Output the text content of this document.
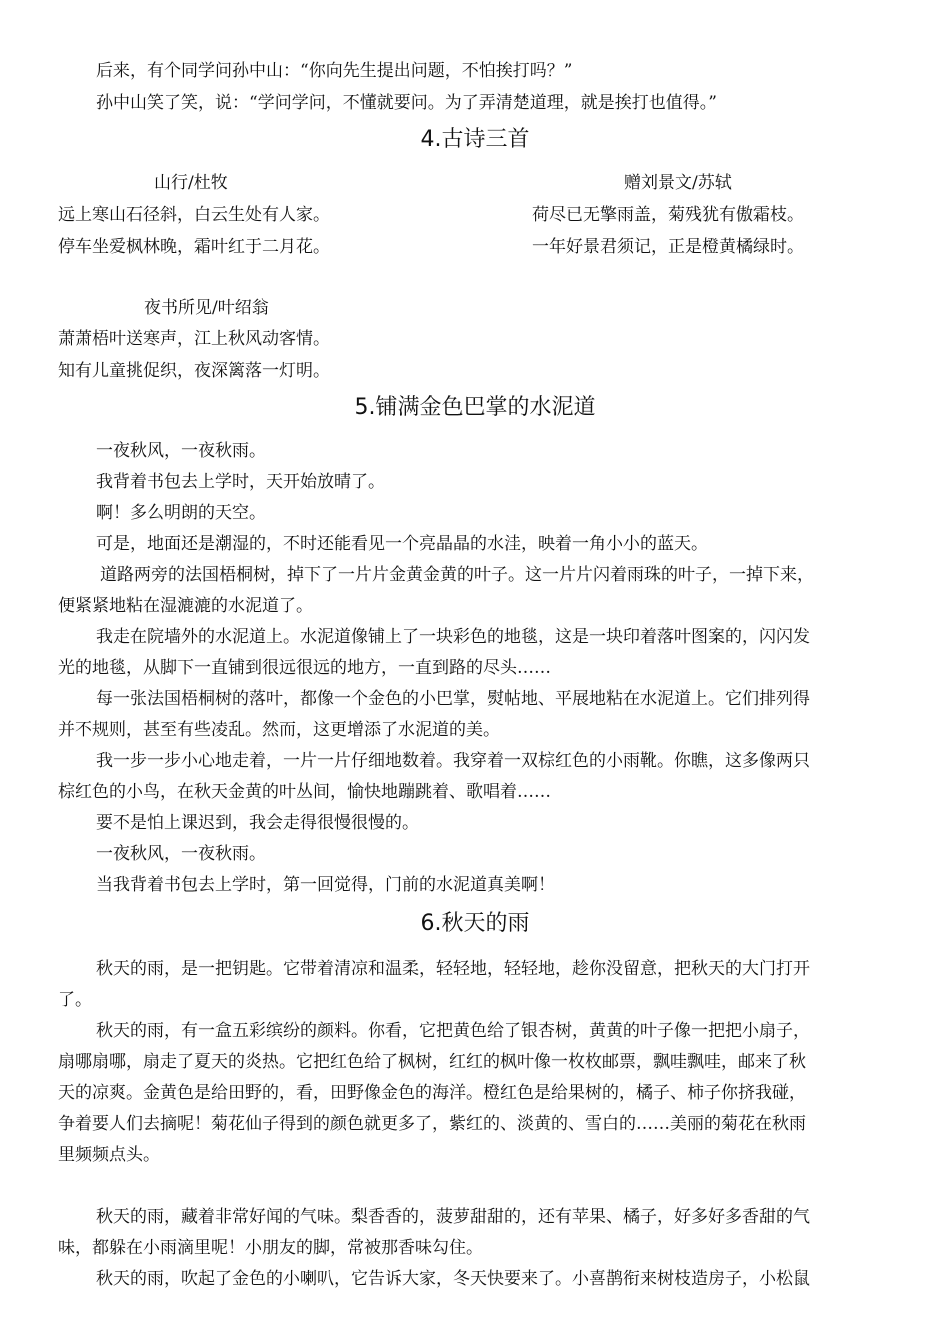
后来，有个同学问孙中山：“你向先生提出问题，不怕挨打吗？”
孙中山笑了笑，说：“学问学问，不懂就要问。为了弄清楚道理，就是挨打也值得。”
4.古诗三首
山行/杜牧
远上寒山石径斜，白云生处有人家。
停车坐爱枫林晚，霜叶红于二月花。
赠刘景文/苏轼
荷尽已无擎雨盖，菊残犹有傲霜枝。
一年好景君须记，正是橙黄橘绿时。
夜书所见/叶绍翁
萧萧梧叶送寒声，江上秋风动客情。
知有儿童挑促织，夜深篱落一灯明。
5.铺满金色巴掌的水泥道
一夜秋风，一夜秋雨。
我背着书包去上学时，天开始放晴了。
啊！多么明朗的天空。
可是，地面还是潮湿的，不时还能看见一个亮晶晶的水洼，映着一角小小的蓝天。
道路两旁的法国梧桐树，掉下了一片片金黄金黄的叶子。这一片片闪着雨珠的叶子，一掉下来，
便紧紧地粘在湿漉漉的水泥道了。
我走在院墙外的水泥道上。水泥道像铺上了一块彩色的地毯，这是一块印着落叶图案的，闪闪发
光的地毯，从脚下一直铺到很远很远的地方，一直到路的尽头……
每一张法国梧桐树的落叶，都像一个金色的小巴掌，熨帖地、平展地粘在水泥道上。它们排列得
并不规则，甚至有些凌乱。然而，这更增添了水泥道的美。
我一步一步小心地走着，一片一片仔细地数着。我穿着一双棕红色的小雨靴。你瞧，这多像两只
棕红色的小鸟，在秋天金黄的叶丛间，愉快地蹦跳着、歌唱着……
要不是怕上课迟到，我会走得很慢很慢的。
一夜秋风，一夜秋雨。
当我背着书包去上学时，第一回觉得，门前的水泥道真美啊！
6.秋天的雨
秋天的雨，是一把钥匙。它带着清凉和温柔，轻轻地，轻轻地，趁你没留意，把秋天的大门打开
了。
秋天的雨，有一盒五彩缤纷的颜料。你看，它把黄色给了银杏树，黄黄的叶子像一把把小扇子，
扇哪扇哪，扇走了夏天的炎热。它把红色给了枫树，红红的枫叶像一枚枚邮票，飘哇飘哇，邮来了秋
天的凉爽。金黄色是给田野的，看，田野像金色的海洋。橙红色是给果树的，橘子、柿子你挤我碰，
争着要人们去摘呢！菊花仙子得到的颜色就更多了，紫红的、淡黄的、雪白的……美丽的菊花在秋雨
里频频点头。
秋天的雨，藏着非常好闻的气味。梨香香的，菠萝甜甜的，还有苹果、橘子，好多好多香甜的气
味，都躲在小雨滴里呢！小朋友的脚，常被那香味勾住。
秋天的雨，吹起了金色的小喇叭，它告诉大家，冬天快要来了。小喜鹊衔来树枝造房子，小松鼠
